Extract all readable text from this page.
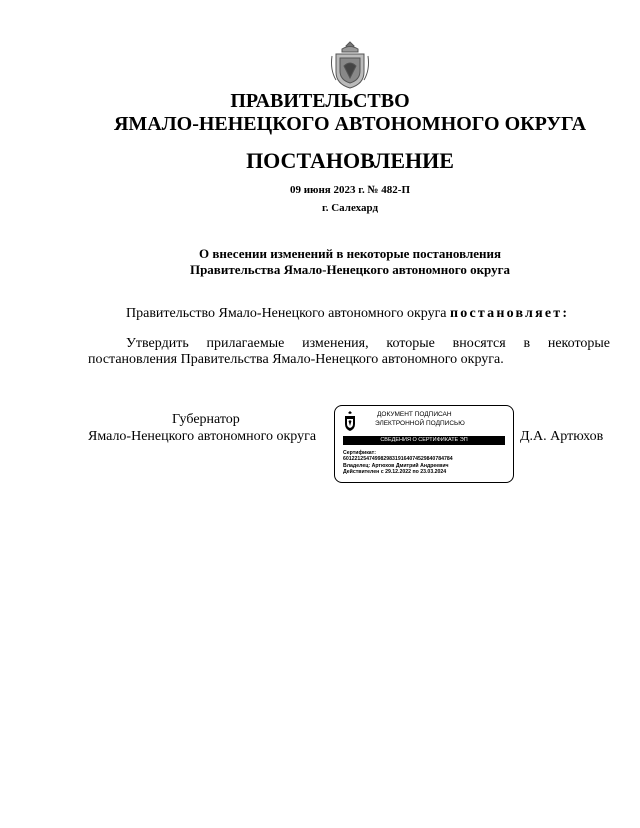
ПРАВИТЕЛЬСТВО
ЯМАЛО-НЕНЕЦКОГО АВТОНОМНОГО ОКРУГА
ПОСТАНОВЛЕНИЕ
09 июня 2023 г. № 482-П
г. Салехард
О внесении изменений в некоторые постановления
Правительства Ямало-Ненецкого автономного округа
Правительство Ямало-Ненецкого автономного округа постановляет:
Утвердить прилагаемые изменения, которые вносятся в некоторые постановления Правительства Ямало-Ненецкого автономного округа.
Губернатор
Ямало-Ненецкого автономного округа	Д.А. Артюхов
ДОКУМЕНТ ПОДПИСАН
ЭЛЕКТРОННОЙ ПОДПИСЬЮ
СВЕДЕНИЯ О СЕРТИФИКАТЕ ЭП
Сертификат:
60122125474998298319164074529840784784
Владелец: Артюхов Дмитрий Андреевич
Действителен с 29.12.2022 по 23.03.2024
